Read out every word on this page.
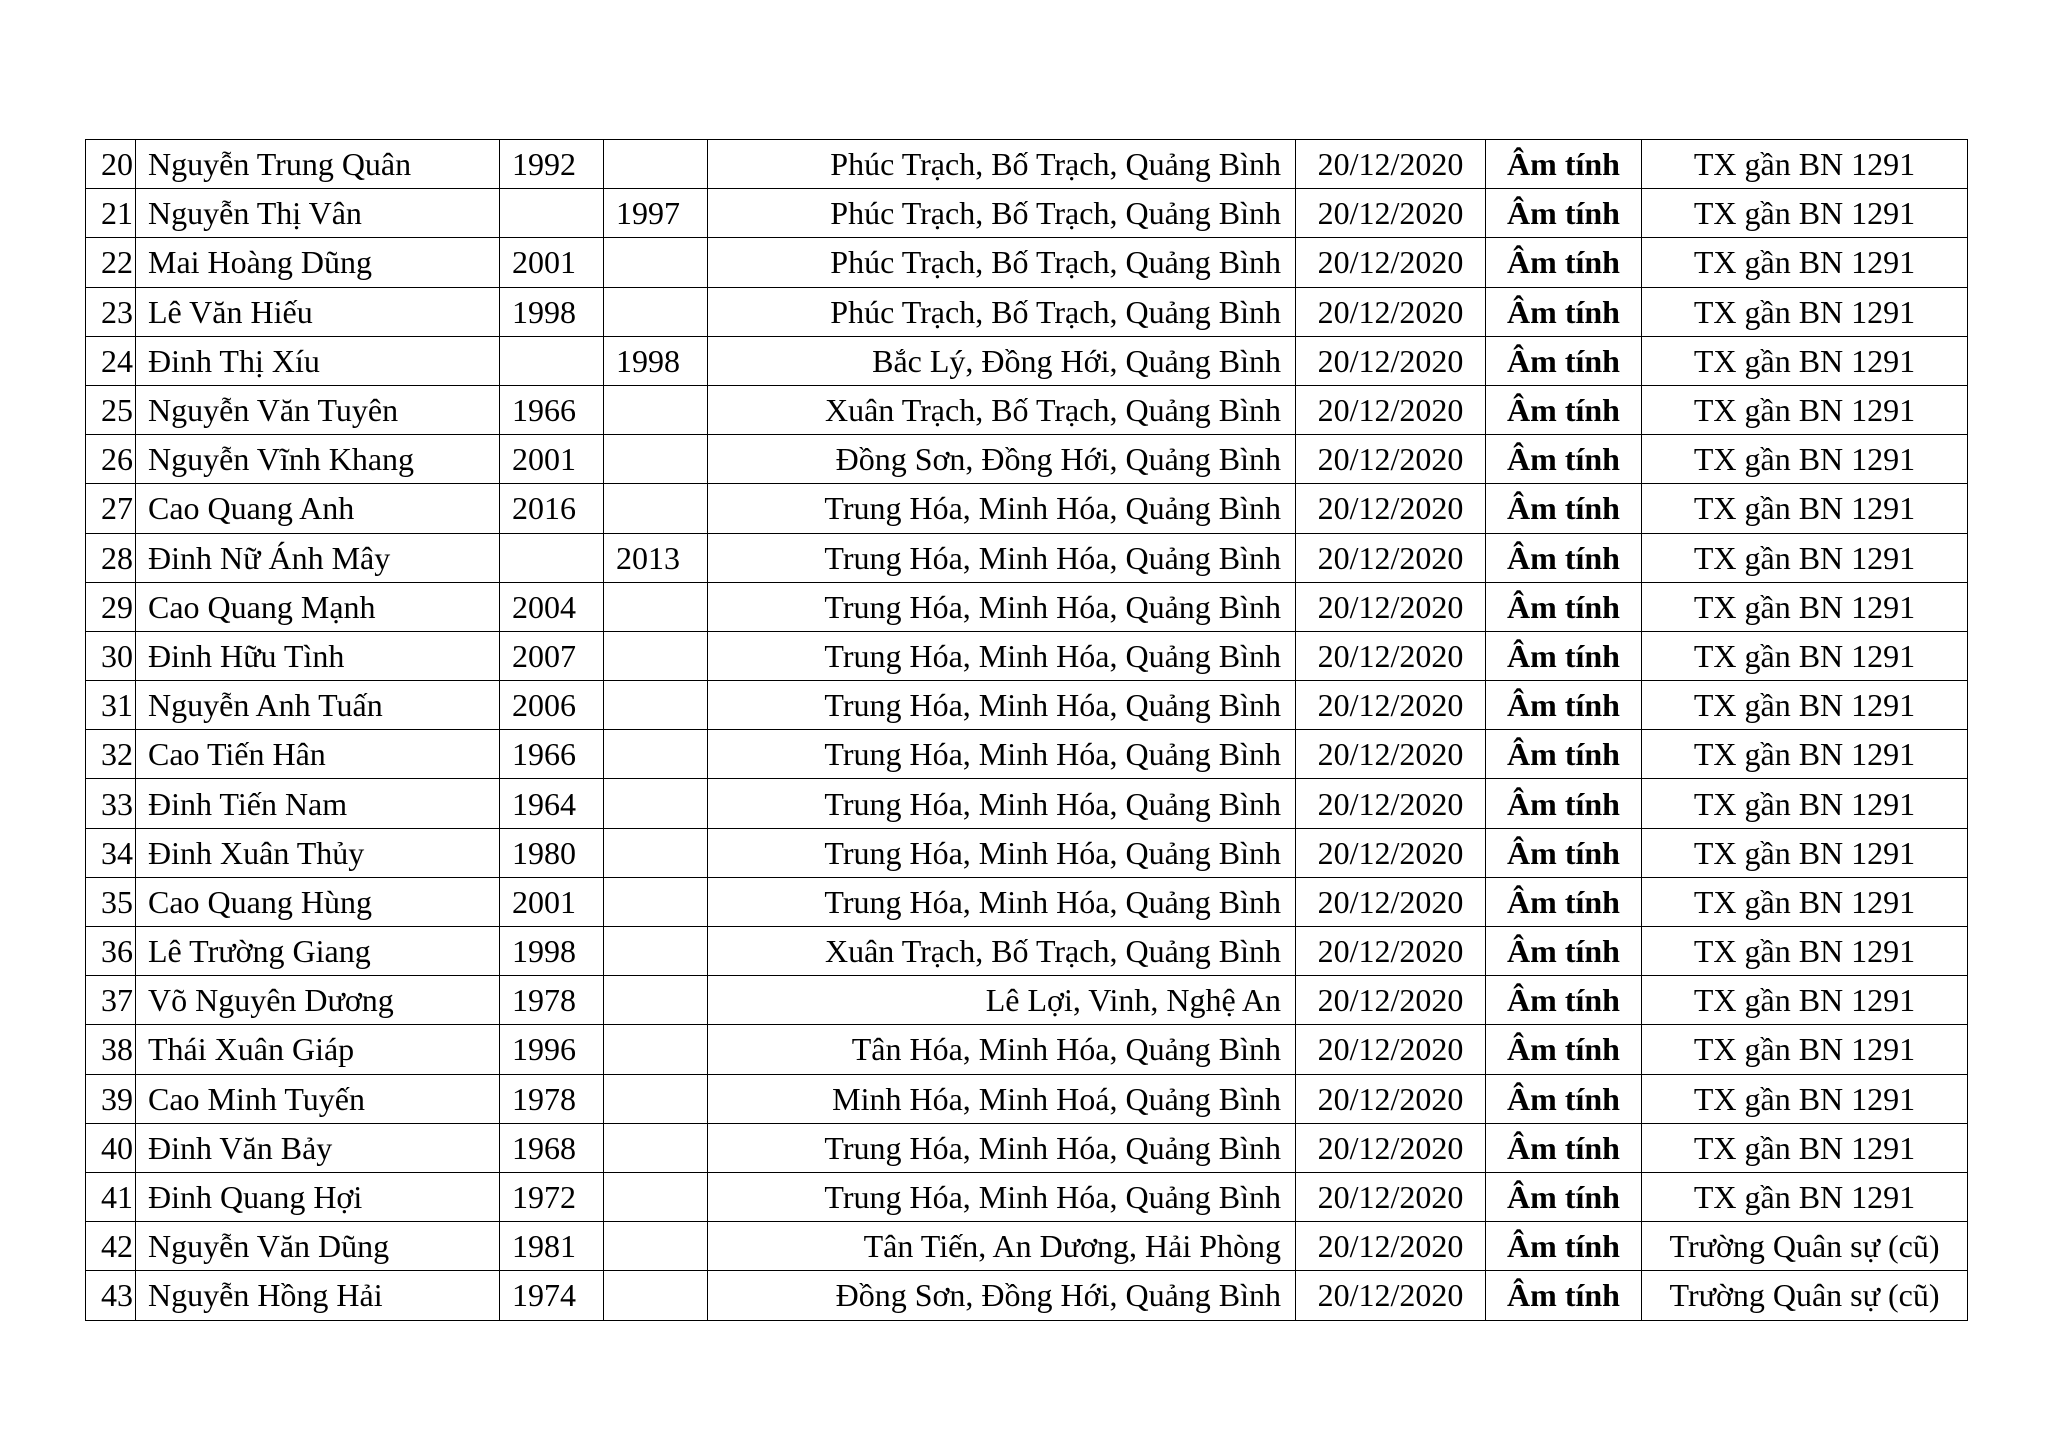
20	Nguyễn Trung Quân	1992		Phúc Trạch, Bố Trạch, Quảng Bình	20/12/2020	Âm tính	TX gần BN 1291
21	Nguyễn Thị Vân		1997	Phúc Trạch, Bố Trạch, Quảng Bình	20/12/2020	Âm tính	TX gần BN 1291
22	Mai Hoàng Dũng	2001		Phúc Trạch, Bố Trạch, Quảng Bình	20/12/2020	Âm tính	TX gần BN 1291
23	Lê Văn Hiếu	1998		Phúc Trạch, Bố Trạch, Quảng Bình	20/12/2020	Âm tính	TX gần BN 1291
24	Đinh Thị Xíu		1998	Bắc Lý, Đồng Hới, Quảng Bình	20/12/2020	Âm tính	TX gần BN 1291
25	Nguyễn Văn Tuyên	1966		Xuân Trạch, Bố Trạch, Quảng Bình	20/12/2020	Âm tính	TX gần BN 1291
26	Nguyễn Vĩnh Khang	2001		Đồng Sơn, Đồng Hới, Quảng Bình	20/12/2020	Âm tính	TX gần BN 1291
27	Cao Quang Anh	2016		Trung Hóa, Minh Hóa, Quảng Bình	20/12/2020	Âm tính	TX gần BN 1291
28	Đinh Nữ Ánh Mây		2013	Trung Hóa, Minh Hóa, Quảng Bình	20/12/2020	Âm tính	TX gần BN 1291
29	Cao Quang Mạnh	2004		Trung Hóa, Minh Hóa, Quảng Bình	20/12/2020	Âm tính	TX gần BN 1291
30	Đinh Hữu Tình	2007		Trung Hóa, Minh Hóa, Quảng Bình	20/12/2020	Âm tính	TX gần BN 1291
31	Nguyễn Anh Tuấn	2006		Trung Hóa, Minh Hóa, Quảng Bình	20/12/2020	Âm tính	TX gần BN 1291
32	Cao Tiến Hân	1966		Trung Hóa, Minh Hóa, Quảng Bình	20/12/2020	Âm tính	TX gần BN 1291
33	Đinh Tiến Nam	1964		Trung Hóa, Minh Hóa, Quảng Bình	20/12/2020	Âm tính	TX gần BN 1291
34	Đinh Xuân Thủy	1980		Trung Hóa, Minh Hóa, Quảng Bình	20/12/2020	Âm tính	TX gần BN 1291
35	Cao Quang Hùng	2001		Trung Hóa, Minh Hóa, Quảng Bình	20/12/2020	Âm tính	TX gần BN 1291
36	Lê Trường Giang	1998		Xuân Trạch, Bố Trạch, Quảng Bình	20/12/2020	Âm tính	TX gần BN 1291
37	Võ Nguyên Dương	1978		Lê Lợi, Vinh, Nghệ An	20/12/2020	Âm tính	TX gần BN 1291
38	Thái Xuân Giáp	1996		Tân Hóa, Minh Hóa, Quảng Bình	20/12/2020	Âm tính	TX gần BN 1291
39	Cao Minh Tuyến	1978		Minh Hóa, Minh Hoá, Quảng Bình	20/12/2020	Âm tính	TX gần BN 1291
40	Đinh Văn Bảy	1968		Trung Hóa, Minh Hóa, Quảng Bình	20/12/2020	Âm tính	TX gần BN 1291
41	Đinh Quang Hợi	1972		Trung Hóa, Minh Hóa, Quảng Bình	20/12/2020	Âm tính	TX gần BN 1291
42	Nguyễn Văn Dũng	1981		Tân Tiến, An Dương, Hải Phòng	20/12/2020	Âm tính	Trường Quân sự (cũ)
43	Nguyễn Hồng Hải	1974		Đồng Sơn, Đồng Hới, Quảng Bình	20/12/2020	Âm tính	Trường Quân sự (cũ)
